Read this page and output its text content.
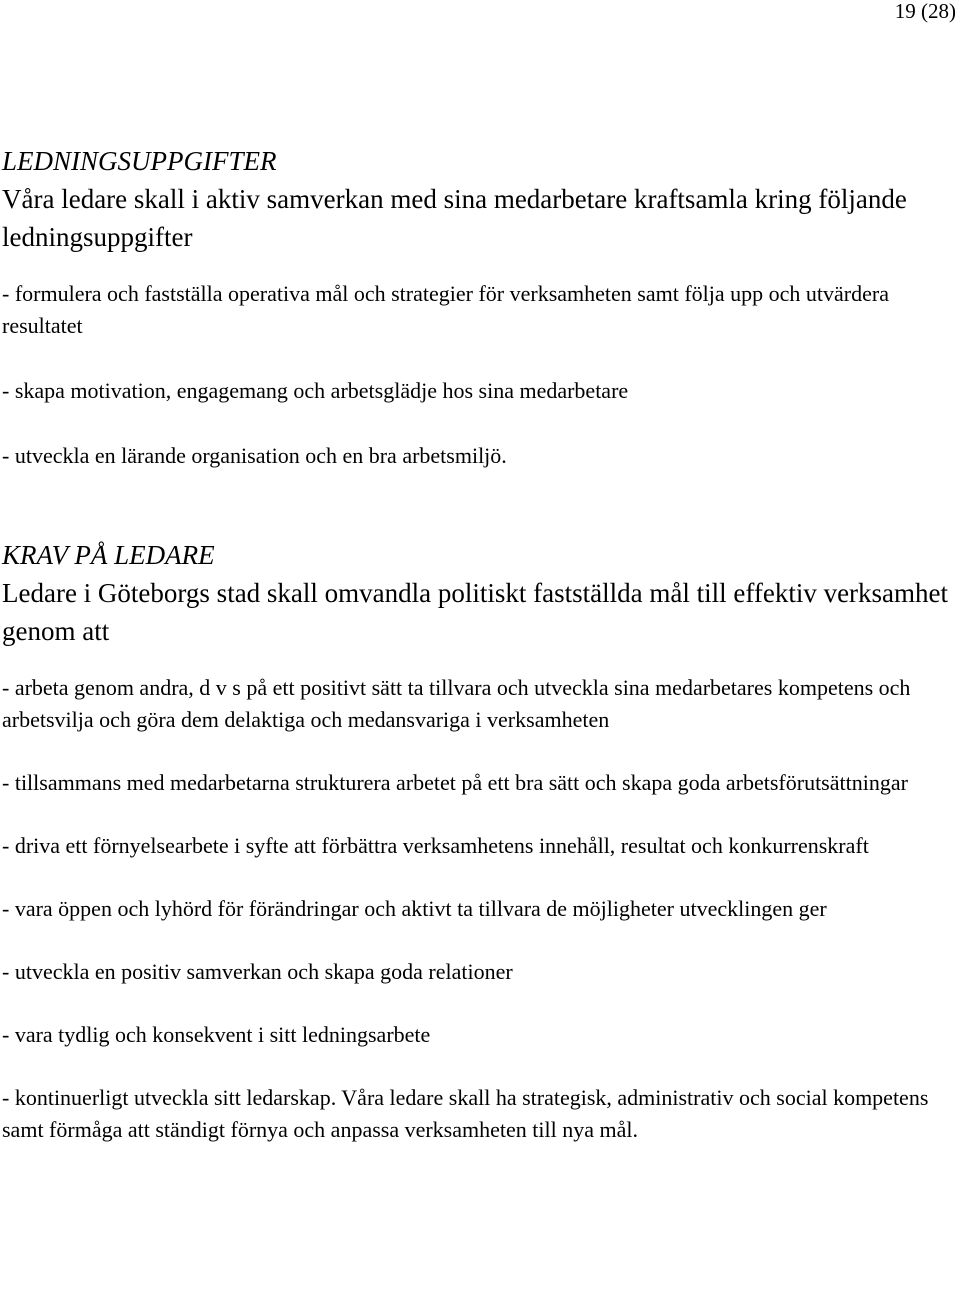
19 (28)
LEDNINGSUPPGIFTER

Våra ledare skall i aktiv samverkan med sina medarbetare kraftsamla kring följande ledningsuppgifter

- formulera och fastställa operativa mål och strategier för verksamheten samt följa upp och utvärdera resultatet

- skapa motivation, engagemang och arbetsglädje hos sina medarbetare

- utveckla en lärande organisation och en bra arbetsmiljö.

KRAV PÅ LEDARE

Ledare i Göteborgs stad skall omvandla politiskt fastställda mål till effektiv verksamhet genom att

- arbeta genom andra, d v s på ett positivt sätt ta tillvara och utveckla sina medarbetares kompetens och arbetsvilja och göra dem delaktiga och medansvariga i verksamheten

- tillsammans med medarbetarna strukturera arbetet på ett bra sätt och skapa goda arbetsförutsättningar

- driva ett förnyelsearbete i syfte att förbättra verksamhetens innehåll, resultat och konkurrenskraft

- vara öppen och lyhörd för förändringar och aktivt ta tillvara de möjligheter utvecklingen ger

- utveckla en positiv samverkan och skapa goda relationer

- vara tydlig och konsekvent i sitt ledningsarbete

- kontinuerligt utveckla sitt ledarskap. Våra ledare skall ha strategisk, administrativ och social kompetens samt förmåga att ständigt förnya och anpassa verksamheten till nya mål.
